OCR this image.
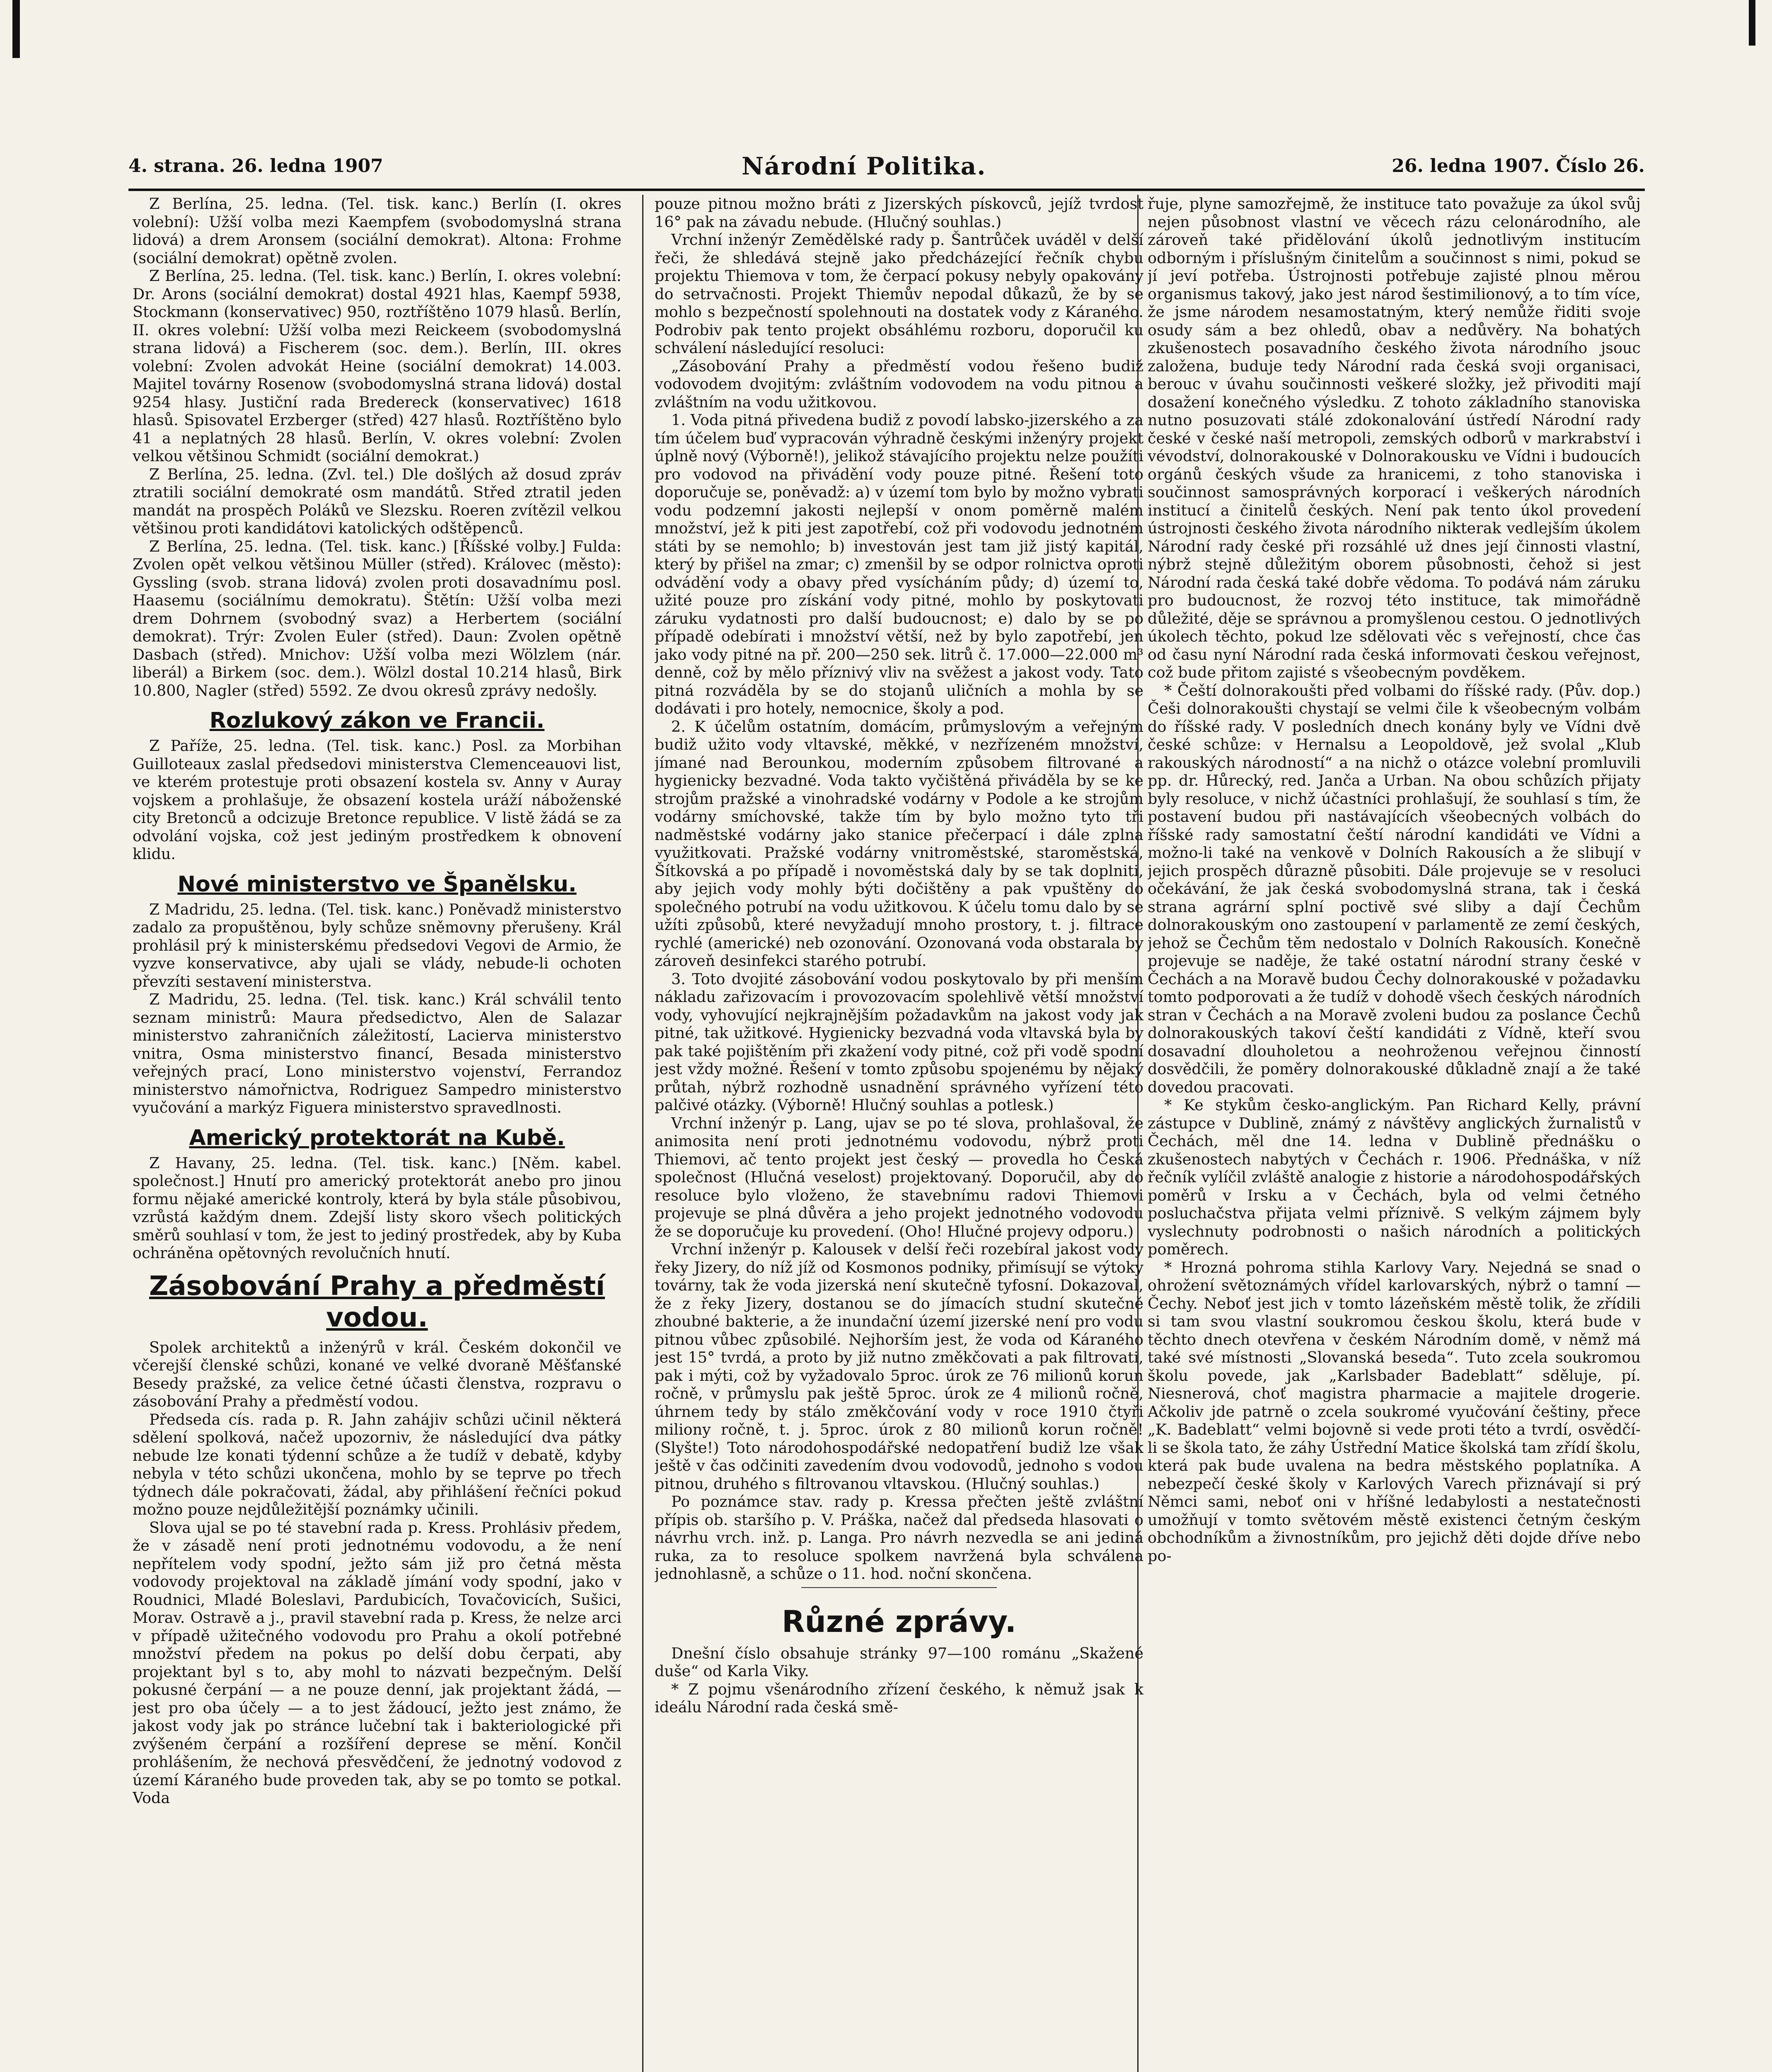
4. strana. 26. ledna 1907	Národní Politika.	26. ledna 1907. Číslo 26.

Z Berlína, 25. ledna. (Tel. tisk. kanc.) Berlín (I. okres volební): Užší volba mezi Kaempfem (svobodomyslná strana lidová) a drem Aronsem (sociální demokrat). Altona: Frohme (sociální demokrat) opětně zvolen.

Z Berlína, 25. ledna. (Tel. tisk. kanc.) Berlín, I. okres volební: Dr. Arons (sociální demokrat) dostal 4921 hlas, Kaempf 5938, Stockmann (konservativec) 950, roztříštěno 1079 hlasů. Berlín, II. okres volební: Užší volba mezi Reickeem (svobodomyslná strana lidová) a Fischerem (soc. dem.). Berlín, III. okres volební: Zvolen advokát Heine (sociální demokrat) 14.003. Majitel továrny Rosenow (svobodomyslná strana lidová) dostal 9254 hlasy. Justiční rada Bredereck (konservativec) 1618 hlasů. Spisovatel Erzberger (střed) 427 hlasů. Roztříštěno bylo 41 a neplatných 28 hlasů. Berlín, V. okres volební: Zvolen velkou většinou Schmidt (sociální demokrat.)

Z Berlína, 25. ledna. (Zvl. tel.) Dle došlých až dosud zpráv ztratili sociální demokraté osm mandátů. Střed ztratil jeden mandát na prospěch Poláků ve Slezsku. Roeren zvítězil velkou většinou proti kandidátovi katolických odštěpenců.

Z Berlína, 25. ledna. (Tel. tisk. kanc.) [Říšské volby.] Fulda: Zvolen opět velkou většinou Müller (střed). Královec (město): Gyssling (svob. strana lidová) zvolen proti dosavadnímu posl. Haasemu (sociálnímu demokratu). Štětín: Užší volba mezi drem Dohrnem (svobodný svaz) a Herbertem (sociální demokrat). Trýr: Zvolen Euler (střed). Daun: Zvolen opětně Dasbach (střed). Mnichov: Užší volba mezi Wölzlem (nár. liberál) a Birkem (soc. dem.). Wölzl dostal 10.214 hlasů, Birk 10.800, Nagler (střed) 5592. Ze dvou okresů zprávy nedošly.

Rozlukový zákon ve Francii.

Z Paříže, 25. ledna. (Tel. tisk. kanc.) Posl. za Morbihan Guilloteaux zaslal předsedovi ministerstva Clemenceauovi list, ve kterém protestuje proti obsazení kostela sv. Anny v Auray vojskem a prohlašuje, že obsazení kostela uráží náboženské city Bretonců a odcizuje Bretonce republice. V listě žádá se za odvolání vojska, což jest jediným prostředkem k obnovení klidu.

Nové ministerstvo ve Španělsku.

Z Madridu, 25. ledna. (Tel. tisk. kanc.) Poněvadž ministerstvo zadalo za propuštěnou, byly schůze sněmovny přerušeny. Král prohlásil prý k ministerskému předsedovi Vegovi de Armio, že vyzve konservativce, aby ujali se vlády, nebude-li ochoten převzíti sestavení ministerstva.

Z Madridu, 25. ledna. (Tel. tisk. kanc.) Král schválil tento seznam ministrů: Maura předsedictvo, Alen de Salazar ministerstvo zahraničních záležitostí, Lacierva ministerstvo vnitra, Osma ministerstvo financí, Besada ministerstvo veřejných prací, Lono ministerstvo vojenství, Ferrandoz ministerstvo námořnictva, Rodriguez Sampedro ministerstvo vyučování a markýz Figuera ministerstvo spravedlnosti.

Americký protektorát na Kubě.

Z Havany, 25. ledna. (Tel. tisk. kanc.) [Něm. kabel. společnost.] Hnutí pro americký protektorát anebo pro jinou formu nějaké americké kontroly, která by byla stále působivou, vzrůstá každým dnem. Zdejší listy skoro všech politických směrů souhlasí v tom, že jest to jediný prostředek, aby by Kuba ochráněna opětovných revolučních hnutí.

Zásobování Prahy a předměstí vodou.

Spolek architektů a inženýrů v král. Českém dokončil ve včerejší členské schůzi, konané ve velké dvoraně Měšťanské Besedy pražské, za velice četné účasti členstva, rozpravu o zásobování Prahy a předměstí vodou.

Předseda cís. rada p. R. Jahn zahájiv schůzi učinil některá sdělení spolková, načež upozorniv, že následující dva pátky nebude lze konati týdenní schůze a že tudíž v debatě, kdyby nebyla v této schůzi ukončena, mohlo by se teprve po třech týdnech dále pokračovati, žádal, aby přihlášení řečníci pokud možno pouze nejdůležitější poznámky učinili.

Slova ujal se po té stavební rada p. Kress. Prohlásiv předem, že v zásadě není proti jednotnému vodovodu, a že není nepřítelem vody spodní, ježto sám již pro četná města vodovody projektoval na základě jímání vody spodní, jako v Roudnici, Mladé Boleslavi, Pardubicích, Tovačovicích, Sušici, Morav. Ostravě a j., pravil stavební rada p. Kress, že nelze arci v případě užitečného vodovodu pro Prahu a okolí potřebné množství předem na pokus po delší dobu čerpati, aby projektant byl s to, aby mohl to názvati bezpečným. Delší pokusné čerpání — a ne pouze denní, jak projektant žádá, — jest pro oba účely — a to jest žádoucí, ježto jest známo, že jakost vody jak po stránce lučební tak i bakteriologické při zvýšeném čerpání a rozšíření deprese se mění. Končil prohlášením, že nechová přesvědčení, že jednotný vodovod z území Káraného bude proveden tak, aby se po tomto se potkal. Voda

pouze pitnou možno bráti z Jizerských pískovců, jejíž tvrdost 16° pak na závadu nebude. (Hlučný souhlas.)

Vrchní inženýr Zemědělské rady p. Šantrůček uváděl v delší řeči, že shledává stejně jako předcházející řečník chybu projektu Thiemova v tom, že čerpací pokusy nebyly opakovány do setrvačnosti. Projekt Thiemův nepodal důkazů, že by se mohlo s bezpečností spolehnouti na dostatek vody z Káraného. Podrobiv pak tento projekt obsáhlému rozboru, doporučil ku schválení následující resoluci:

„Zásobování Prahy a předměstí vodou řešeno budiž vodovodem dvojitým: zvláštním vodovodem na vodu pitnou a zvláštním na vodu užitkovou.

1. Voda pitná přivedena budiž z povodí labsko-jizerského a za tím účelem buď vypracován výhradně českými inženýry projekt úplně nový (Výborně!), jelikož stávajícího projektu nelze použíti pro vodovod na přivádění vody pouze pitné. Řešení toto doporučuje se, poněvadž: a) v území tom bylo by možno vybrati vodu podzemní jakosti nejlepší v onom poměrně malém množství, jež k piti jest zapotřebí, což při vodovodu jednotném státi by se nemohlo; b) investován jest tam již jistý kapitál, který by přišel na zmar; c) zmenšil by se odpor rolnictva oproti odvádění vody a obavy před vysícháním půdy; d) území to, užité pouze pro získání vody pitné, mohlo by poskytovati záruku vydatnosti pro další budoucnost; e) dalo by se po případě odebírati i množství větší, než by bylo zapotřebí, jen jako vody pitné na př. 200—250 sek. litrů č. 17.000—22.000 m³ denně, což by mělo příznivý vliv na svěžest a jakost vody. Tato pitná rozváděla by se do stojanů uličních a mohla by se dodávati i pro hotely, nemocnice, školy a pod.

2. K účelům ostatním, domácím, průmyslovým a veřejným budiž užito vody vltavské, měkké, v nezřízeném množství, jímané nad Berounkou, moderním způsobem filtrované a hygienicky bezvadné. Voda takto vyčištěná přiváděla by se ke strojům pražské a vinohradské vodárny v Podole a ke strojům vodárny smíchovské, takže tím by bylo možno tyto tři nadměstské vodárny jako stanice přečerpací i dále zplna využitkovati. Pražské vodárny vnitroměstské, staroměstská, Šítkovská a po případě i novoměstská daly by se tak doplniti, aby jejich vody mohly býti dočištěny a pak vpuštěny do společného potrubí na vodu užitkovou. K účelu tomu dalo by se užíti způsobů, které nevyžadují mnoho prostory, t. j. filtrace rychlé (americké) neb ozonování. Ozonovaná voda obstarala by zároveň desinfekci starého potrubí.

3. Toto dvojité zásobování vodou poskytovalo by při menším nákladu zařizovacím i provozovacím spolehlivě větší množství vody, vyhovující nejkrajnějším požadavkům na jakost vody jak pitné, tak užitkové. Hygienicky bezvadná voda vltavská byla by pak také pojištěním při zkažení vody pitné, což při vodě spodní jest vždy možné. Řešení v tomto způsobu spojenému by nějaký průtah, nýbrž rozhodně usnadnění správného vyřízení této palčivé otázky. (Výborně! Hlučný souhlas a potlesk.)

Vrchní inženýr p. Lang, ujav se po té slova, prohlašoval, že animosita není proti jednotnému vodovodu, nýbrž proti Thiemovi, ač tento projekt jest český — provedla ho Česká společnost (Hlučná veselost) projektovaný. Doporučil, aby do resoluce bylo vloženo, že stavebnímu radovi Thiemovi projevuje se plná důvěra a jeho projekt jednotného vodovodu že se doporučuje ku provedení. (Oho! Hlučné projevy odporu.)

Vrchní inženýr p. Kalousek v delší řeči rozebíral jakost vody řeky Jizery, do níž jíž od Kosmonos podniky, přimísují se výtoky továrny, tak že voda jizerská není skutečně tyfosní. Dokazoval, že z řeky Jizery, dostanou se do jímacích studní skutečně zhoubné bakterie, a že inundační území jizerské není pro vodu pitnou vůbec způsobilé. Nejhorším jest, že voda od Káraného jest 15° tvrdá, a proto by již nutno změkčovati a pak filtrovati, pak i mýti, což by vyžadovalo 5proc. úrok ze 76 milionů korun ročně, v průmyslu pak ještě 5proc. úrok ze 4 milionů ročně, úhrnem tedy by stálo změkčování vody v roce 1910 čtyři miliony ročně, t. j. 5proc. úrok z 80 milionů korun ročně! (Slyšte!) Toto národohospodářské nedopatření budiž lze však ještě v čas odčiniti zavedením dvou vodovodů, jednoho s vodou pitnou, druhého s filtrovanou vltavskou. (Hlučný souhlas.)

Po poznámce stav. rady p. Kressa přečten ještě zvláštní přípis ob. staršího p. V. Práška, načež dal předseda hlasovati o návrhu vrch. inž. p. Langa. Pro návrh nezvedla se ani jediná ruka, za to resoluce spolkem navržená byla schválena jednohlasně, a schůze o 11. hod. noční skončena.

Různé zprávy.

Dnešní číslo obsahuje stránky 97—100 románu „Skažené duše“ od Karla Viky.

* Z pojmu všenárodního zřízení českého, k němuž jsak k ideálu Národní rada česká smě-

řuje, plyne samozřejmě, že instituce tato považuje za úkol svůj nejen působnost vlastní ve věcech rázu celonárodního, ale zároveň také přidělování úkolů jednotlivým institucím odborným i příslušným činitelům a součinnost s nimi, pokud se jí jeví potřeba. Ústrojnosti potřebuje zajisté plnou měrou organismus takový, jako jest národ šestimilionový, a to tím více, že jsme národem nesamostatným, který nemůže řiditi svoje osudy sám a bez ohledů, obav a nedůvěry. Na bohatých zkušenostech posavadního českého života národního jsouc založena, buduje tedy Národní rada česká svoji organisaci, berouc v úvahu součinnosti veškeré složky, jež přivoditi mají dosažení konečného výsledku. Z tohoto základního stanoviska nutno posuzovati stálé zdokonalování ústředí Národní rady české v české naší metropoli, zemských odborů v markrabství i vévodství, dolnorakouské v Dolnorakousku ve Vídni i budoucích orgánů českých všude za hranicemi, z toho stanoviska i součinnost samosprávných korporací i veškerých národních institucí a činitelů českých. Není pak tento úkol provedení ústrojnosti českého života národního nikterak vedlejším úkolem Národní rady české při rozsáhlé už dnes její činnosti vlastní, nýbrž stejně důležitým oborem působnosti, čehož si jest Národní rada česká také dobře vědoma. To podává nám záruku pro budoucnost, že rozvoj této instituce, tak mimořádně důležité, děje se správnou a promyšlenou cestou. O jednotlivých úkolech těchto, pokud lze sdělovati věc s veřejností, chce čas od času nyní Národní rada česká informovati českou veřejnost, což bude přitom zajisté s všeobecným povděkem.

* Čeští dolnorakoušti před volbami do říšské rady. (Pův. dop.) Češi dolnorakoušti chystají se velmi čile k všeobecným volbám do říšské rady. V posledních dnech konány byly ve Vídni dvě české schůze: v Hernalsu a Leopoldově, jež svolal „Klub rakouských národností“ a na nichž o otázce volební promluvili pp. dr. Hůrecký, red. Janča a Urban. Na obou schůzích přijaty byly resoluce, v nichž účastníci prohlašují, že souhlasí s tím, že postavení budou při nastávajících všeobecných volbách do říšské rady samostatní čeští národní kandidáti ve Vídni a možno-li také na venkově v Dolních Rakousích a že slibují v jejich prospěch důrazně působiti. Dále projevuje se v resoluci očekávání, že jak česká svobodomyslná strana, tak i česká strana agrární splní poctivě své sliby a dají Čechům dolnorakouským ono zastoupení v parlamentě ze zemí českých, jehož se Čechům těm nedostalo v Dolních Rakousích. Konečně projevuje se naděje, že také ostatní národní strany české v Čechách a na Moravě budou Čechy dolnorakouské v požadavku tomto podporovati a že tudíž v dohodě všech českých národních stran v Čechách a na Moravě zvoleni budou za poslance Čechů dolnorakouských takoví čeští kandidáti z Vídně, kteří svou dosavadní dlouholetou a neohroženou veřejnou činností dosvědčili, že poměry dolnorakouské důkladně znají a že také dovedou pracovati.

* Ke stykům česko-anglickým. Pan Richard Kelly, právní zástupce v Dublině, známý z návštěvy anglických žurnalistů v Čechách, měl dne 14. ledna v Dublině přednášku o zkušenostech nabytých v Čechách r. 1906. Přednáška, v níž řečník vylíčil zvláště analogie z historie a národohospodářských poměrů v Irsku a v Čechách, byla od velmi četného posluchačstva přijata velmi příznivě. S velkým zájmem byly vyslechnuty podrobnosti o našich národních a politických poměrech.

* Hrozná pohroma stihla Karlovy Vary. Nejedná se snad o ohrožení světoznámých vřídel karlovarských, nýbrž o tamní — Čechy. Neboť jest jich v tomto lázeňském městě tolik, že zřídili si tam svou vlastní soukromou českou školu, která bude v těchto dnech otevřena v českém Národním domě, v němž má také své místnosti „Slovanská beseda“. Tuto zcela soukromou školu povede, jak „Karlsbader Badeblatt“ sděluje, pí. Niesnerová, choť magistra pharmacie a majitele drogerie. Ačkoliv jde patrně o zcela soukromé vyučování češtiny, přece „K. Badeblatt“ velmi bojovně si vede proti této a tvrdí, osvědčí-li se škola tato, že záhy Ústřední Matice školská tam zřídí školu, která pak bude uvalena na bedra městského poplatníka. A nebezpečí české školy v Karlových Varech přiznávají si prý Němci sami, neboť oni v hříšné ledabylosti a nestatečnosti umožňují v tomto světovém městě existenci četným českým obchodníkům a živnostníkům, pro jejichž děti dojde dříve nebo po-
